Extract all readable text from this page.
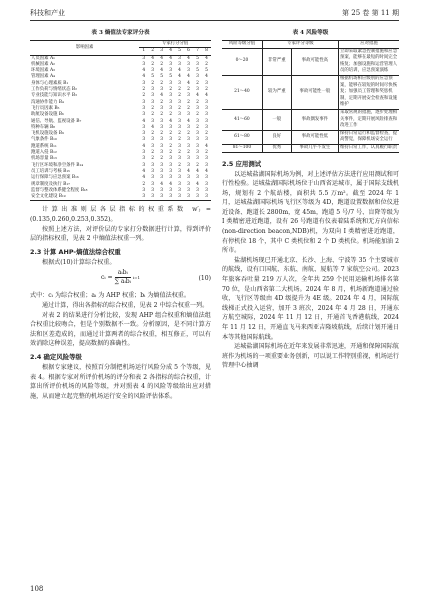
科技和产业	第 25 卷 第 11 期
表 3 熵值法专家评分表
影响因素	专家打分分值							
	1	2	3	4	5	6	7	8
人员因素 A₁	3	4	4	4	3	4	5	4
机械因素 A₂	3	2	2	3	3	3	3	2
环境因素 A₃	4	3	4	3	4	3	5	5
管理因素 A₄	4	5	5	5	4	4	3	4
身体与心理素质 B₁	3	2	2	3	3	4	2	3
工作负荷与情绪状态 B₂	2	3	3	2	2	2	3	2
专业技能与知识水平 B₃	2	3	4	3	2	3	4	4
沟通协作能力 B₄	3	3	2	3	3	2	2	3
飞行员因素 B₅	3	2	3	3	2	2	3	3
助航设备设施 B₆	3	2	2	2	3	3	2	3
通信、导航、监视设备 B₇	4	3	3	4	3	4	3	3
特种车辆 B₈	3	4	3	3	3	3	2	3
飞机设施设备 B₉	3	2	2	2	2	2	3	2
气象条件 B₁₀	3	3	3	3	2	3	3	3
跑道系统 B₁₁	4	3	3	2	3	3	3	4
跑道入侵 B₁₂	3	2	3	2	2	2	3	2
机场容量 B₁₃	3	2	2	3	3	3	3	3
飞行区环境和净空条件 B₁₄	3	3	3	3	2	3	2	3
员工培训与考核 B₁₅	4	3	3	3	3	4	4	4
运行保障与应急预案 B₁₆	4	3	3	3	3	3	3	3
规章制度及执行 B₁₇	2	3	4	4	3	3	4	3
监督与整改体系健全程度 B₁₈	3	3	3	3	3	3	3	3
安全文化建设 B₁₉	3	3	3	3	3	3	3	3

计算出准则层各层指标的权重系数 w′ⱼ = (0.135,0.260,0.253,0.352)。

按照上述方法，对评价层的专家打分数据进行计算，得到评价层的指标权重，见表 2 中熵值法权重一列。

2.3 计算 AHP-熵值法综合权重

根据式(10)计算综合权重。

cᵢ =
aᵢbᵢ
∑ aᵢbᵢ
i=1	(10)

式中：cᵢ 为综合权重；aᵢ 为 AHP 权重；bᵢ 为熵值法权重。

通过计算，得出各指标的综合权重，见表 2 中综合权重一列。

对表 2 的结果进行分析比较，发现 AHP 组合权重和熵值法组合权重比较吻合，但是个别数据不一致。分析原因，是不同计算方法和区差造成的，而通过计算两者的综合权重，相互修正，可以有效消除这种误差，提高数据的准确性。

2.4 确定风险等级

根据专家建议，按照百分制把机场运行风险分成 5 个等级，见表 4。根据专家对所评价机场的评分和表 2 各指标的综合权重，计算出所评价机场的风险等级，并对照表 4 的风险等级给出应对措施，从而建立起完整的机场运行安全的风险评估体系。

表 4 风险等级
风险等级分值	专家评分等级		应对措施
0～20	非常严重	事故可能性高	立即采取紧急控制措施和应急预案，能够在最短的时间完全恢复；加强设施和运营管理人员的培训，应急预案演练
21～40	较为严重	事故可能性一般	根据机场相应级别的应急预案，能够在较短的时间尽快恢复；加强员工管理和奖惩机制，定期开展安全检查和设施维护
41～60	一般	事故偶发事件	采取常规的措施，逐步处理相关事件，定期开展风险排查和改进工作
61～80	良好	事故可能性低	保持日常运行和监督检查，提高警觉，保障机场安全运行
81～100	优秀	事故几乎不发生	维持日常工作，认真履行职责
2.5 应用测试

以运城盐湖国际机场为例，对上述评估方法进行应用测试和可行性检验。运城盐湖国际机场位于山西省运城市，属于国际支线机场，规划有 2 个航站楼，面积共 5.5 万m²。截至 2024 年 1 月，运城盐湖国际机场飞行区等级为 4D，跑道设置数据和位仪进近设备、跑道长 2800m，宽 45m，跑道 5 号/7 号、盲降等级为 I 类精密进近跑道，设有 26 号跑道有仪表着陆系统和无方向信标(non-direction beacon,NDB)机，为双向 I 类精密进近跑道，有停机位 18 个，其中 C 类机位和 2 个 D 类机位。机场能加油 2 所市。

盐湖机场现已开通北京、长沙、上海、宁波等 35 个主要城市的航线，设有口国航、东航、南航、厦航等 7 家航空公司。2023 年旅客吞吐量 219 万人次，全年共 259 个民用运输机场排名第 70 位，是山西省第二大机场。2024 年 8 月，机场新跑道通过验收，飞行区等级由 4D 级提升为 4E 级。2024 年 4 月，国际航线梯正式投入运营，加开 3 班次，2024 年 4 月 28 日，开通东方航空城际，2024 年 11 月 12 日，开通首飞香港航线，2024 年 11 月 12 日，开通直飞马来西亚吉隆坡航线，后续计划开通日本等其他国际航线。

运城盐湖国际机场在近年来发展非常迅速，开通和保障国际航班作为机场的一项重要业务创新，可以说工作特别重视，机场运行管理中心抽调

108
